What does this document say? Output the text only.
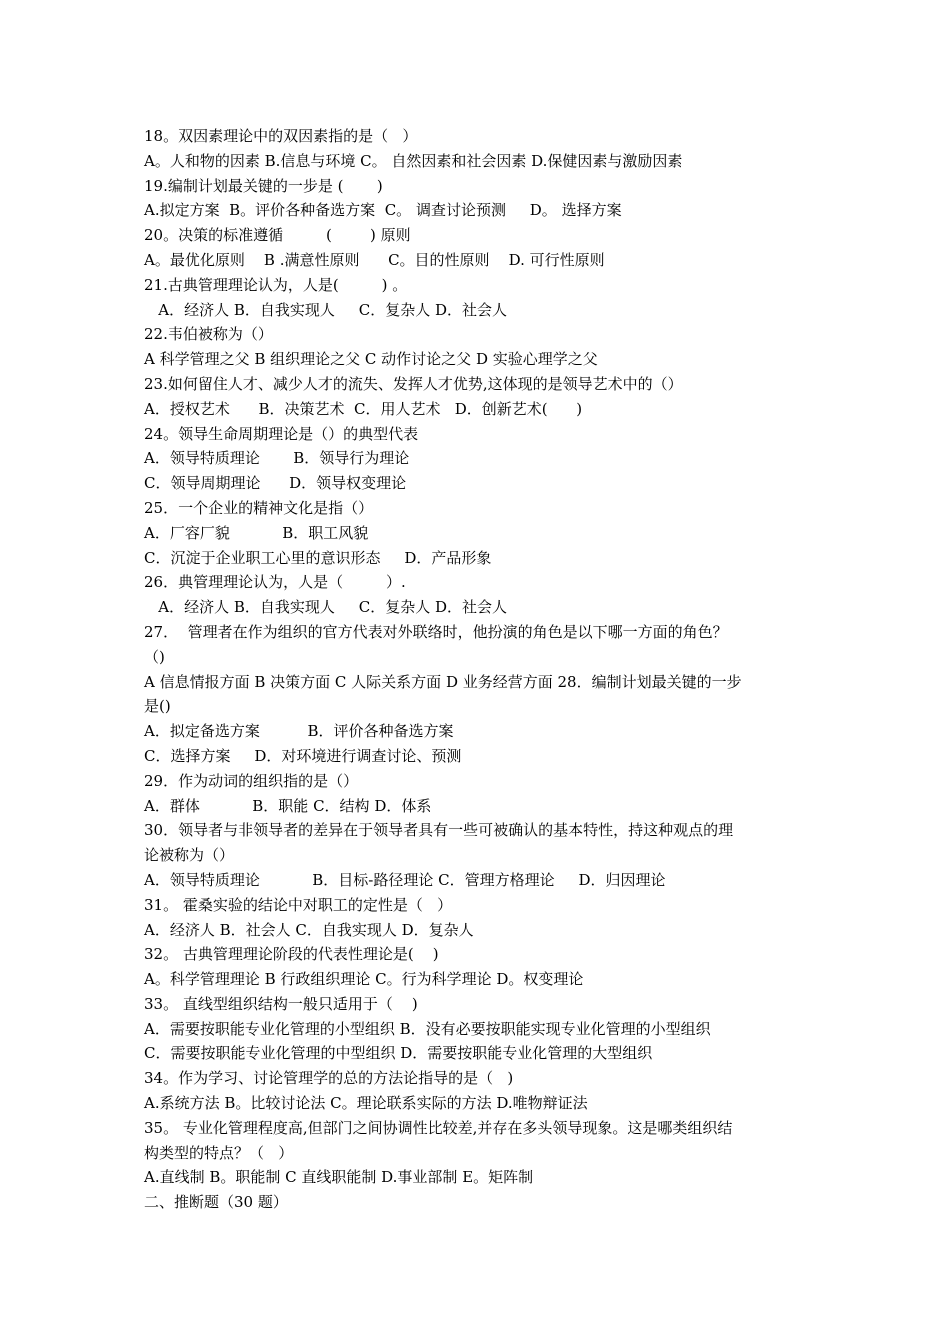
18。双因素理论中的双因素指的是（   ）
A。人和物的因素 B.信息与环境 C。 自然因素和社会因素 D.保健因素与激励因素
19.编制计划最关键的一步是 (       )
A.拟定方案  B。评价各种备选方案  C。 调查讨论预测     D。 选择方案
20。决策的标准遵循         (        ) 原则
A。最优化原则    B .满意性原则      C。目的性原则    D. 可行性原则
21.古典管理理论认为，人是(         ) 。
A．经济人 B．自我实现人     C．复杂人 D．社会人
22.韦伯被称为（）
A 科学管理之父 B 组织理论之父 C 动作讨论之父 D 实验心理学之父
23.如何留住人才、减少人才的流失、发挥人才优势,这体现的是领导艺术中的（）
A．授权艺术      B．决策艺术  C．用人艺术   D．创新艺术(      )
24。领导生命周期理论是（）的典型代表
A．领导特质理论       B．领导行为理论
C．领导周期理论      D．领导权变理论
25．一个企业的精神文化是指（）
A．厂容厂貌           B．职工风貌
C．沉淀于企业职工心里的意识形态     D．产品形象
26．典管理理论认为，人是（         ）.
A．经济人 B．自我实现人     C．复杂人 D．社会人
27．  管理者在作为组织的官方代表对外联络时，他扮演的角色是以下哪一方面的角色？
（)
A 信息情报方面 B 决策方面 C 人际关系方面 D 业务经营方面 28．编制计划最关键的一步
是()
A．拟定备选方案          B．评价各种备选方案
C．选择方案     D．对环境进行调查讨论、预测
29．作为动词的组织指的是（）
A．群体           B．职能 C．结构 D．体系
30．领导者与非领导者的差异在于领导者具有一些可被确认的基本特性，持这种观点的理
论被称为（）
A．领导特质理论           B．目标-路径理论 C．管理方格理论     D．归因理论
31。 霍桑实验的结论中对职工的定性是（   ）
A．经济人 B．社会人 C．自我实现人 D．复杂人
32。 古典管理理论阶段的代表性理论是(    )
A。科学管理理论 B 行政组织理论 C。行为科学理论 D。权变理论
33。 直线型组织结构一般只适用于（    )
A．需要按职能专业化管理的小型组织 B．没有必要按职能实现专业化管理的小型组织
C．需要按职能专业化管理的中型组织 D．需要按职能专业化管理的大型组织
34。作为学习、讨论管理学的总的方法论指导的是（   )
A.系统方法 B。比较讨论法 C。理论联系实际的方法 D.唯物辩证法
35。 专业化管理程度高,但部门之间协调性比较差,并存在多头领导现象。这是哪类组织结
构类型的特点？（   ）
A.直线制 B。职能制 C 直线职能制 D.事业部制 E。矩阵制
二、推断题（30 题）
